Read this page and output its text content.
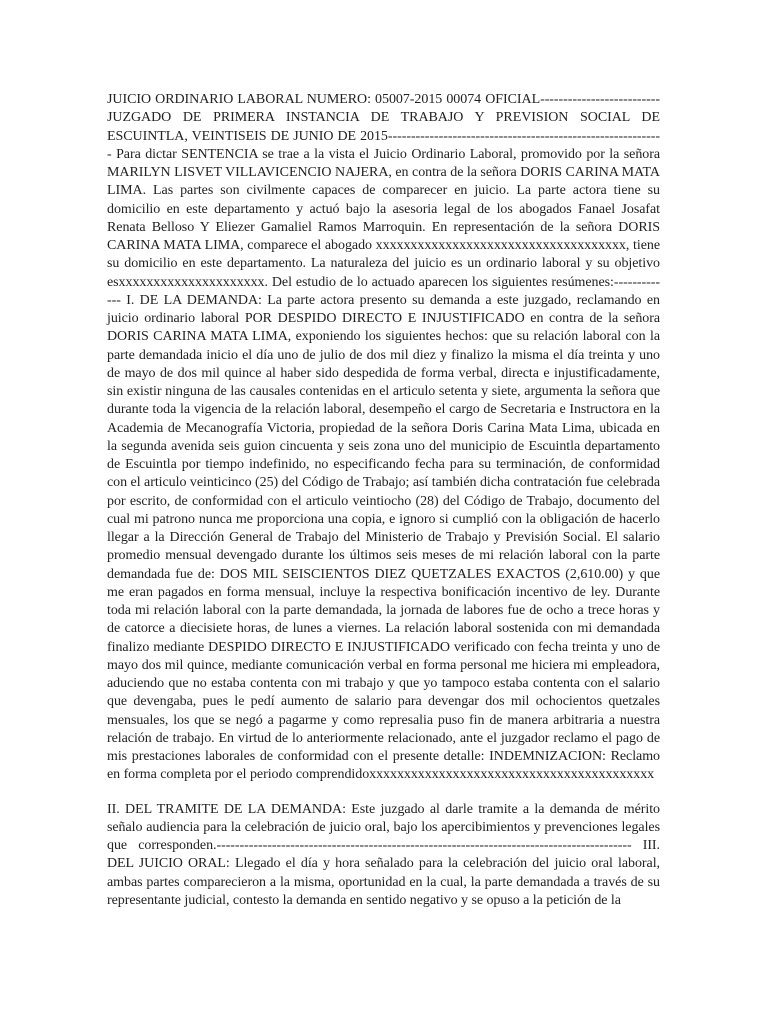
JUICIO ORDINARIO LABORAL NUMERO: 05007-2015 00074 OFICIAL-------------------------- JUZGADO DE PRIMERA INSTANCIA DE TRABAJO Y PREVISION SOCIAL DE ESCUINTLA, VEINTISEIS DE JUNIO DE 2015------------------------------------------------------------ Para dictar SENTENCIA se trae a la vista el Juicio Ordinario Laboral, promovido por la señora MARILYN LISVET VILLAVICENCIO NAJERA, en contra de la señora DORIS CARINA MATA LIMA. Las partes son civilmente capaces de comparecer en juicio. La parte actora tiene su domicilio en este departamento y actuó bajo la asesoria legal de los abogados Fanael Josafat Renata Belloso Y Eliezer Gamaliel Ramos Marroquin. En representación de la señora DORIS CARINA MATA LIMA, comparece el abogado xxxxxxxxxxxxxxxxxxxxxxxxxxxxxxxxxxxx, tiene su domicilio en este departamento. La naturaleza del juicio es un ordinario laboral y su objetivo esxxxxxxxxxxxxxxxxxxxxx. Del estudio de lo actuado aparecen los siguientes resúmenes:------------- I. DE LA DEMANDA: La parte actora presento su demanda a este juzgado, reclamando en juicio ordinario laboral POR DESPIDO DIRECTO E INJUSTIFICADO en contra de la señora DORIS CARINA MATA LIMA, exponiendo los siguientes hechos: que su relación laboral con la parte demandada inicio el día uno de julio de dos mil diez y finalizo la misma el día treinta y uno de mayo de dos mil quince al haber sido despedida de forma verbal, directa e injustificadamente, sin existir ninguna de las causales contenidas en el articulo setenta y siete, argumenta la señora que durante toda la vigencia de la relación laboral, desempeño el cargo de Secretaria e Instructora en la Academia de Mecanografía Victoria, propiedad de la señora Doris Carina Mata Lima, ubicada en la segunda avenida seis guion cincuenta y seis zona uno del municipio de Escuintla departamento de Escuintla por tiempo indefinido, no especificando fecha para su terminación, de conformidad con el articulo veinticinco (25) del Código de Trabajo; así también dicha contratación fue celebrada por escrito, de conformidad con el articulo veintiocho (28) del Código de Trabajo, documento del cual mi patrono nunca me proporciona una copia, e ignoro si cumplió con la obligación de hacerlo llegar a la Dirección General de Trabajo del Ministerio de Trabajo y Previsión Social. El salario promedio mensual devengado durante los últimos seis meses de mi relación laboral con la parte demandada fue de: DOS MIL SEISCIENTOS DIEZ QUETZALES EXACTOS (2,610.00) y que me eran pagados en forma mensual, incluye la respectiva bonificación incentivo de ley. Durante toda mi relación laboral con la parte demandada, la jornada de labores fue de ocho a trece horas y de catorce a diecisiete horas, de lunes a viernes. La relación laboral sostenida con mi demandada finalizo mediante DESPIDO DIRECTO E INJUSTIFICADO verificado con fecha treinta y uno de mayo dos mil quince, mediante comunicación verbal en forma personal me hiciera mi empleadora, aduciendo que no estaba contenta con mi trabajo y que yo tampoco estaba contenta con el salario que devengaba, pues le pedí aumento de salario para devengar dos mil ochocientos quetzales mensuales, los que se negó a pagarme y como represalia puso fin de manera arbitraria a nuestra relación de trabajo. En virtud de lo anteriormente relacionado, ante el juzgador reclamo el pago de mis prestaciones laborales de conformidad con el presente detalle: INDEMNIZACION: Reclamo en forma completa por el periodo comprendidoxxxxxxxxxxxxxxxxxxxxxxxxxxxxxxxxxxxxxxxxx

II. DEL TRAMITE DE LA DEMANDA: Este juzgado al darle tramite a la demanda de mérito señalo audiencia para la celebración de juicio oral, bajo los apercibimientos y prevenciones legales que corresponden.------------------------------------------------------------------------------------------ III. DEL JUICIO ORAL: Llegado el día y hora señalado para la celebración del juicio oral laboral, ambas partes comparecieron a la misma, oportunidad en la cual, la parte demandada a través de su representante judicial, contesto la demanda en sentido negativo y se opuso a la petición de la
